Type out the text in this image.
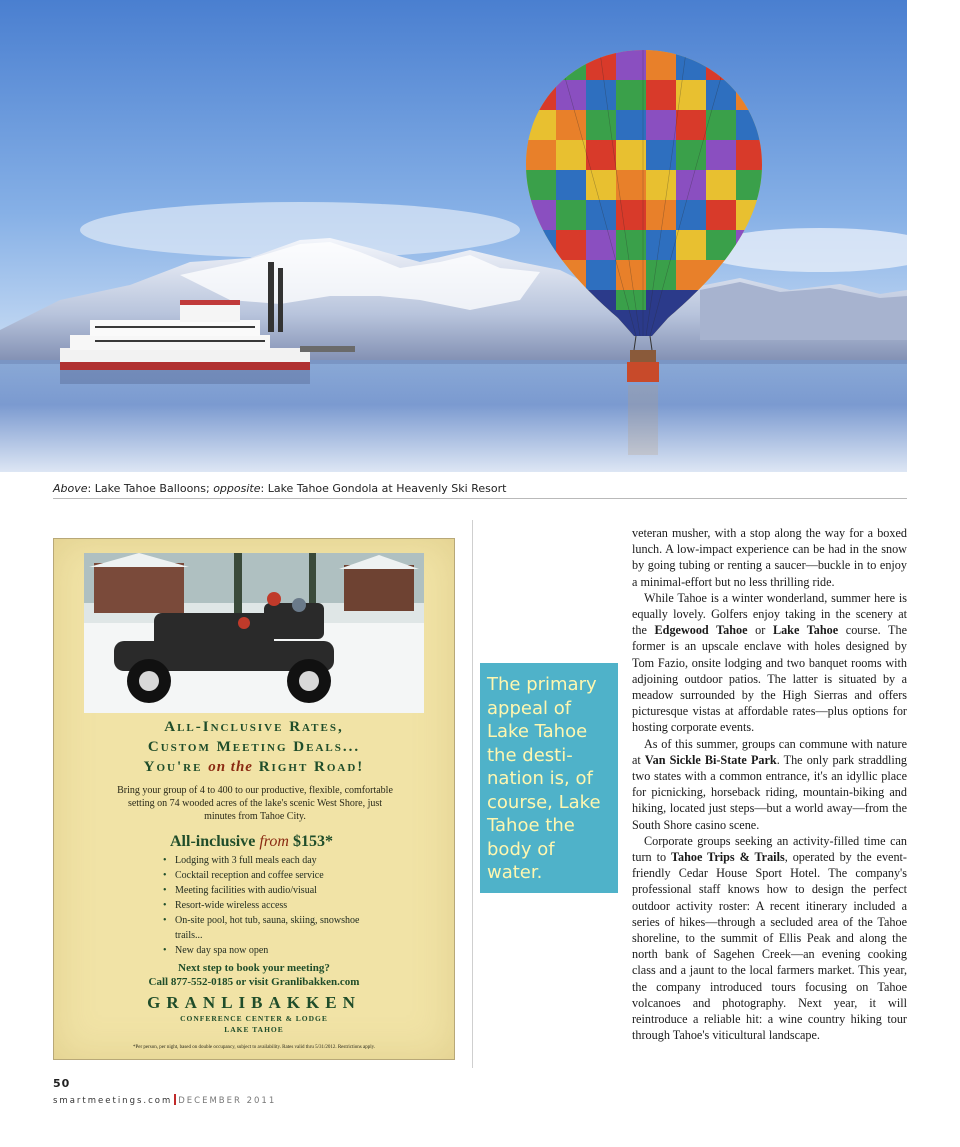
Above: Lake Tahoe Balloons; opposite: Lake Tahoe Gondola at Heavenly Ski Resort
All-Inclusive Rates,
Custom Meeting Deals...
You're on the Right Road!
Bring your group of 4 to 400 to our productive, flexible, comfortable setting on 74 wooded acres of the lake's scenic West Shore, just minutes from Tahoe City.
All-inclusive from $153*
• Lodging with 3 full meals each day
• Cocktail reception and coffee service
• Meeting facilities with audio/visual
• Resort-wide wireless access
• On-site pool, hot tub, sauna, skiing, snowshoe trails...
• New day spa now open
Next step to book your meeting?
Call 877-552-0185 or visit Granlibakken.com
GRANLIBAKKEN
CONFERENCE CENTER & LODGE
LAKE TAHOE
*Per person, per night, based on double occupancy, subject to availability. Rates valid thru 5/31/2012. Restrictions apply.

The primary appeal of Lake Tahoe the desti-nation is, of course, Lake Tahoe the body of water.

veteran musher, with a stop along the way for a boxed lunch. A low-impact experience can be had in the snow by going tubing or renting a saucer—buckle in to enjoy a minimal-effort but no less thrilling ride.

While Tahoe is a winter wonderland, summer here is equally lovely. Golfers enjoy taking in the scenery at the Edgewood Tahoe or Lake Tahoe course. The former is an upscale enclave with holes designed by Tom Fazio, onsite lodging and two banquet rooms with adjoining outdoor patios. The latter is situated by a meadow surrounded by the High Sierras and offers picturesque vistas at affordable rates—plus options for hosting corporate events.

As of this summer, groups can commune with nature at Van Sickle Bi-State Park. The only park straddling two states with a common entrance, it's an idyllic place for picnicking, horseback riding, mountain-biking and hiking, located just steps—but a world away—from the South Shore casino scene.

Corporate groups seeking an activity-filled time can turn to Tahoe Trips & Trails, operated by the event-friendly Cedar House Sport Hotel. The company's professional staff knows how to design the perfect outdoor activity roster: A recent itinerary included a series of hikes—through a secluded area of the Tahoe shoreline, to the summit of Ellis Peak and along the north bank of Sagehen Creek—an evening cooking class and a jaunt to the local farmers market. This year, the company introduced tours focusing on Tahoe volcanoes and photography. Next year, it will reintroduce a reliable hit: a wine country hiking tour through Tahoe's viticultural landscape.

50
smartmeetings.com DECEMBER 2011
